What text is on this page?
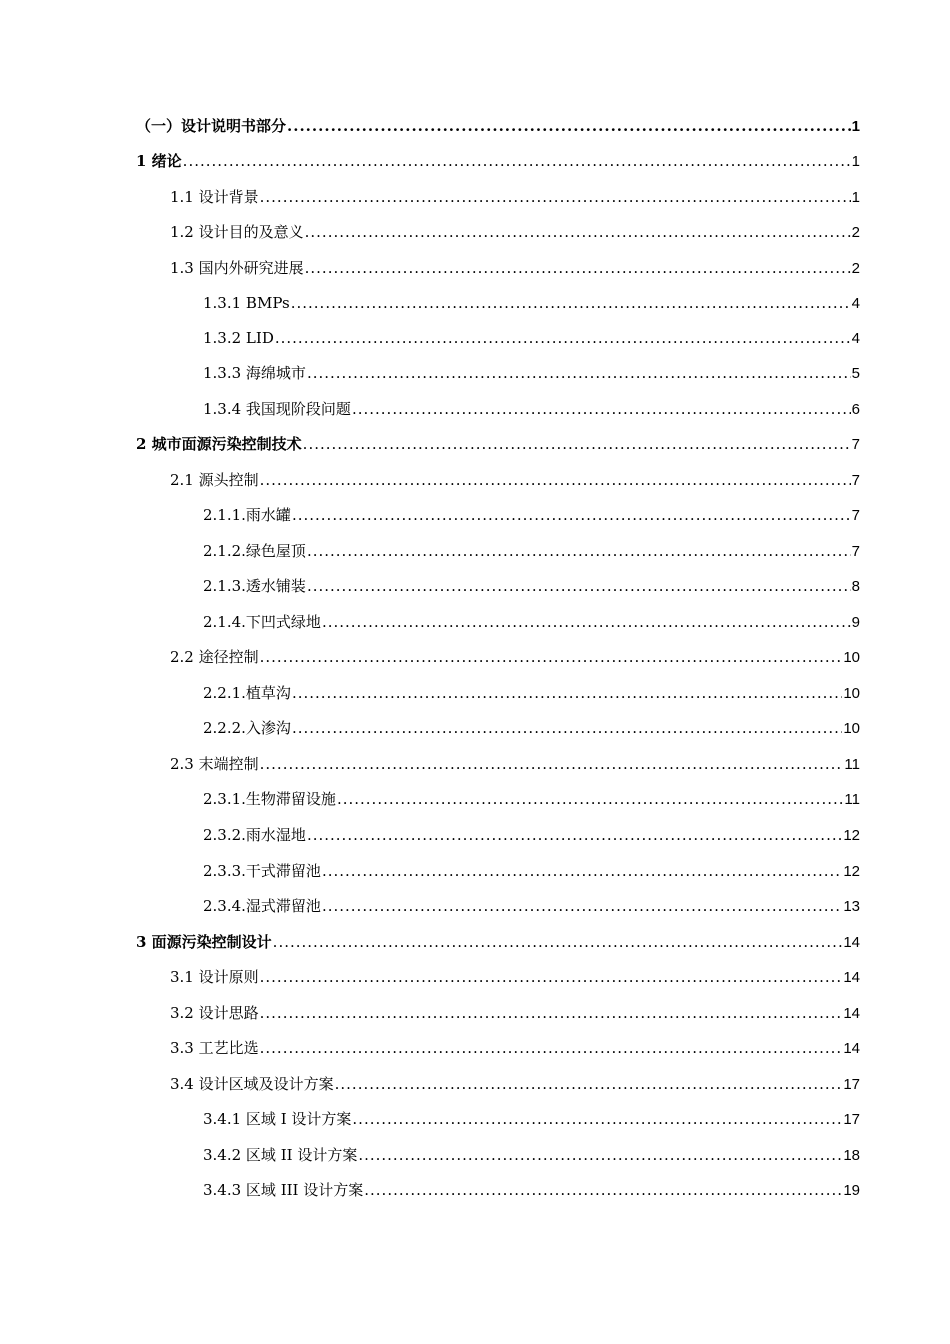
（一）设计说明书部分 .....	1
1 绪论 .....	1
1.1 设计背景 .....	1
1.2 设计目的及意义 .....	2
1.3 国内外研究进展 .....	2
1.3.1 BMPs .....	4
1.3.2 LID .....	4
1.3.3 海绵城市 .....	5
1.3.4 我国现阶段问题 .....	6
2 城市面源污染控制技术 .....	7
2.1 源头控制 .....	7
2.1.1.雨水罐 .....	7
2.1.2.绿色屋顶 .....	7
2.1.3.透水铺装 .....	8
2.1.4.下凹式绿地 .....	9
2.2 途径控制 .....	10
2.2.1.植草沟 .....	10
2.2.2.入渗沟 .....	10
2.3 末端控制 .....	11
2.3.1.生物滞留设施 .....	11
2.3.2.雨水湿地 .....	12
2.3.3.干式滞留池 .....	12
2.3.4.湿式滞留池 .....	13
3 面源污染控制设计 .....	14
3.1 设计原则 .....	14
3.2 设计思路 .....	14
3.3 工艺比选 .....	14
3.4 设计区域及设计方案 .....	17
3.4.1 区域 I 设计方案 .....	17
3.4.2 区域 II 设计方案 .....	18
3.4.3 区域 III 设计方案 .....	19
